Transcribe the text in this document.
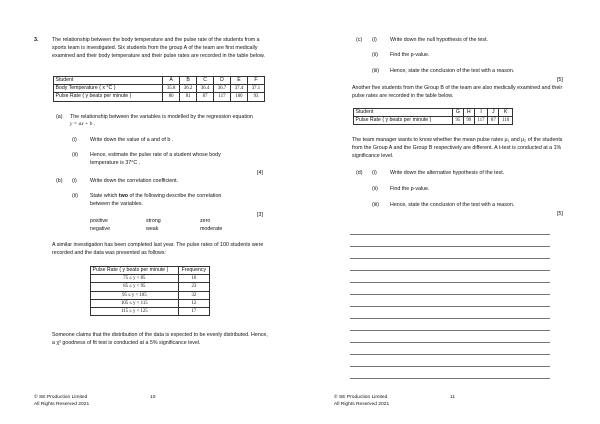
3.	The relationship between the body temperature and the pulse rate of the students from a sports team is investigated. Six students from the group A of the team are first medically examined and their body temperature and their pulse rates are recorded in the table below.
Student	A	B	C	D	E	F
Body Temperature ( x °C )	35.8	36.2	36.4	36.7	37.4	37.1
Pulse Rate ( y beats per minute )	80	81	87	117	100	93
(a) The relationship between the variables is modelled by the regression equation
y = ax + b .
(i)	Write down the value of a and of b .
(ii) Hence, estimate the pulse rate of a student whose body temperature is 37°C .
[4]
(b) (i)	Write down the correlation coefficient.
(ii) State which two of the following describe the correlation between the variables.
[3]
positive	strong	zero
negative	weak	moderate
A similar investigation has been completed last year. The pulse rates of 100 students were recorded and the data was presented as follows:
Pulse Rate ( y beats per minute )	Frequency
75 ≤ y < 85	16
85 ≤ y < 95	23
95 ≤ y < 105	32
105 ≤ y < 115	12
115 ≤ y < 125	17
Someone claims that the distribution of the data is expected to be evenly distributed. Hence, a χ² goodness of fit test is conducted at a 5% significance level.
© SE Production Limited
All Rights Reserved 2021
10
(c) (i)	Write down the null hypothesis of the test.
(ii) Find the p-value.
(iii) Hence, state the conclusion of the test with a reason.
[5]
Another five students from the Group B of the team are also medically examined and their pulse rates are recorded in the table below.
Student	G	H	I	J	K
Pulse Rate ( y beats per minute )	95	99	117	87	110
The team manager wants to know whether the mean pulse rates μ₁ and μ₂ of the students from the Group A and the Group B respectively are different. A t-test is conducted at a 1% significance level.
(d) (i)	Write down the alternative hypothesis of the test.
(ii) Find the p-value.
(iii) Hence, state the conclusion of the test with a reason.
[5]
© SE Production Limited
All Rights Reserved 2021
11
